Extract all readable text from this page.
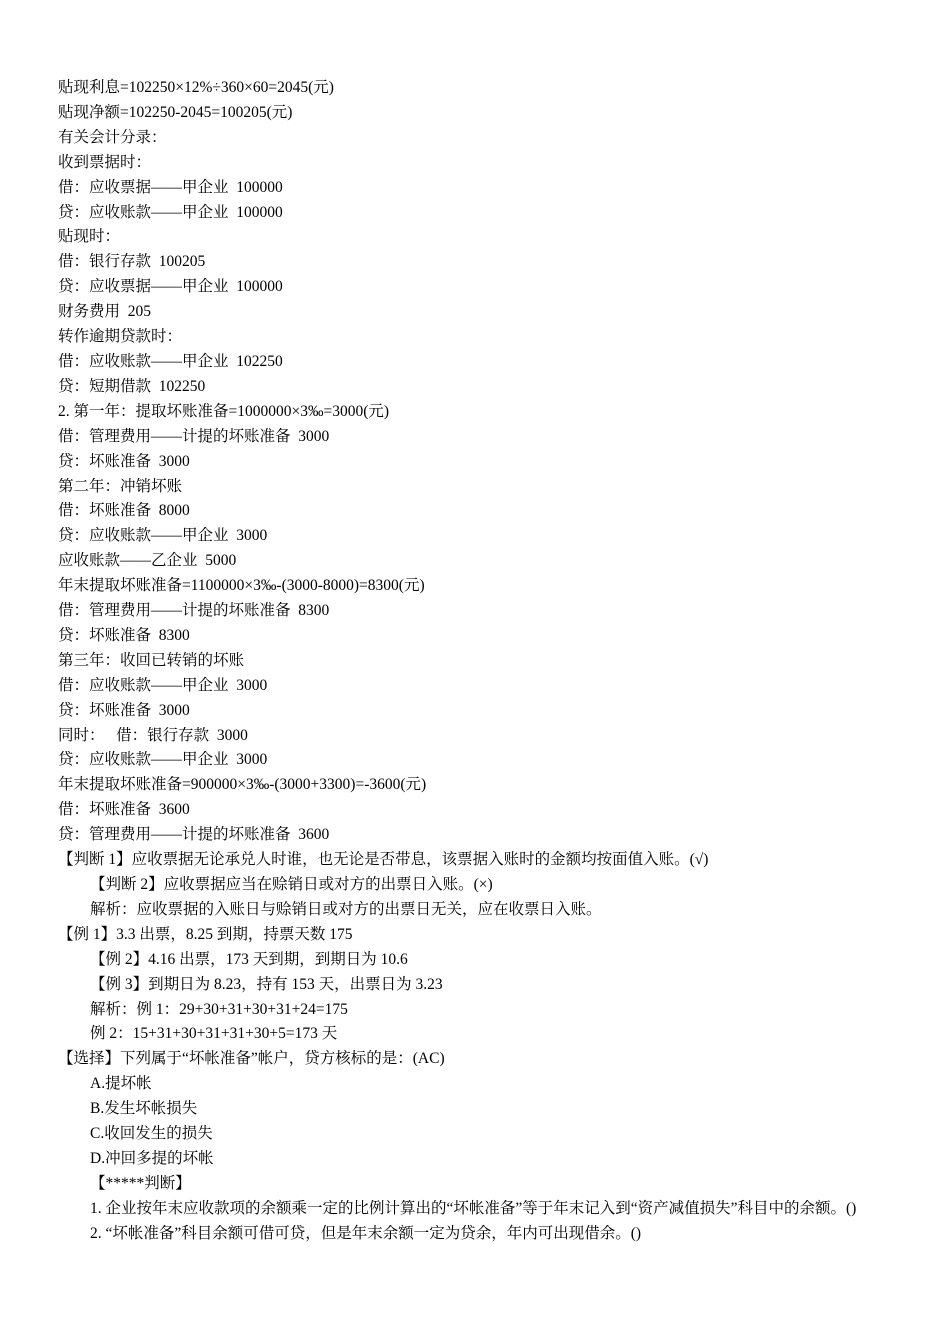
贴现利息=102250×12%÷360×60=2045(元)

贴现净额=102250-2045=100205(元)

有关会计分录：

收到票据时：

借：应收票据——甲企业  100000

贷：应收账款——甲企业  100000

贴现时：

借：银行存款  100205

贷：应收票据——甲企业  100000

财务费用  205

转作逾期贷款时：

借：应收账款——甲企业  102250

贷：短期借款  102250

2. 第一年：提取坏账准备=1000000×3‰=3000(元)

借：管理费用——计提的坏账准备  3000

贷：坏账准备  3000

第二年：冲销坏账

借：坏账准备  8000

贷：应收账款——甲企业  3000

应收账款——乙企业  5000

年末提取坏账准备=1100000×3‰-(3000-8000)=8300(元)

借：管理费用——计提的坏账准备  8300

贷：坏账准备  8300

第三年：收回已转销的坏账

借：应收账款——甲企业  3000

贷：坏账准备  3000

同时：   借：银行存款  3000

贷：应收账款——甲企业  3000

年末提取坏账准备=900000×3‰-(3000+3300)=-3600(元)

借：坏账准备  3600

贷：管理费用——计提的坏账准备  3600

【判断 1】应收票据无论承兑人时谁，也无论是否带息，该票据入账时的金额均按面值入账。(√)

【判断 2】应收票据应当在赊销日或对方的出票日入账。(×)

解析：应收票据的入账日与赊销日或对方的出票日无关，应在收票日入账。

【例 1】3.3 出票，8.25 到期，持票天数 175

【例 2】4.16 出票，173 天到期，到期日为 10.6

【例 3】到期日为 8.23，持有 153 天，出票日为 3.23

解析：例 1：29+30+31+30+31+24=175

例 2：15+31+30+31+31+30+5=173 天

【选择】下列属于“坏帐准备”帐户，贷方核标的是：(AC)

A.提坏帐

B.发生坏帐损失

C.收回发生的损失

D.冲回多提的坏帐

【*****判断】

1. 企业按年末应收款项的余额乘一定的比例计算出的“坏帐准备”等于年末记入到“资产减值损失”科目中的余额。()

2. “坏帐准备”科目余额可借可贷，但是年末余额一定为贷余，年内可出现借余。()
